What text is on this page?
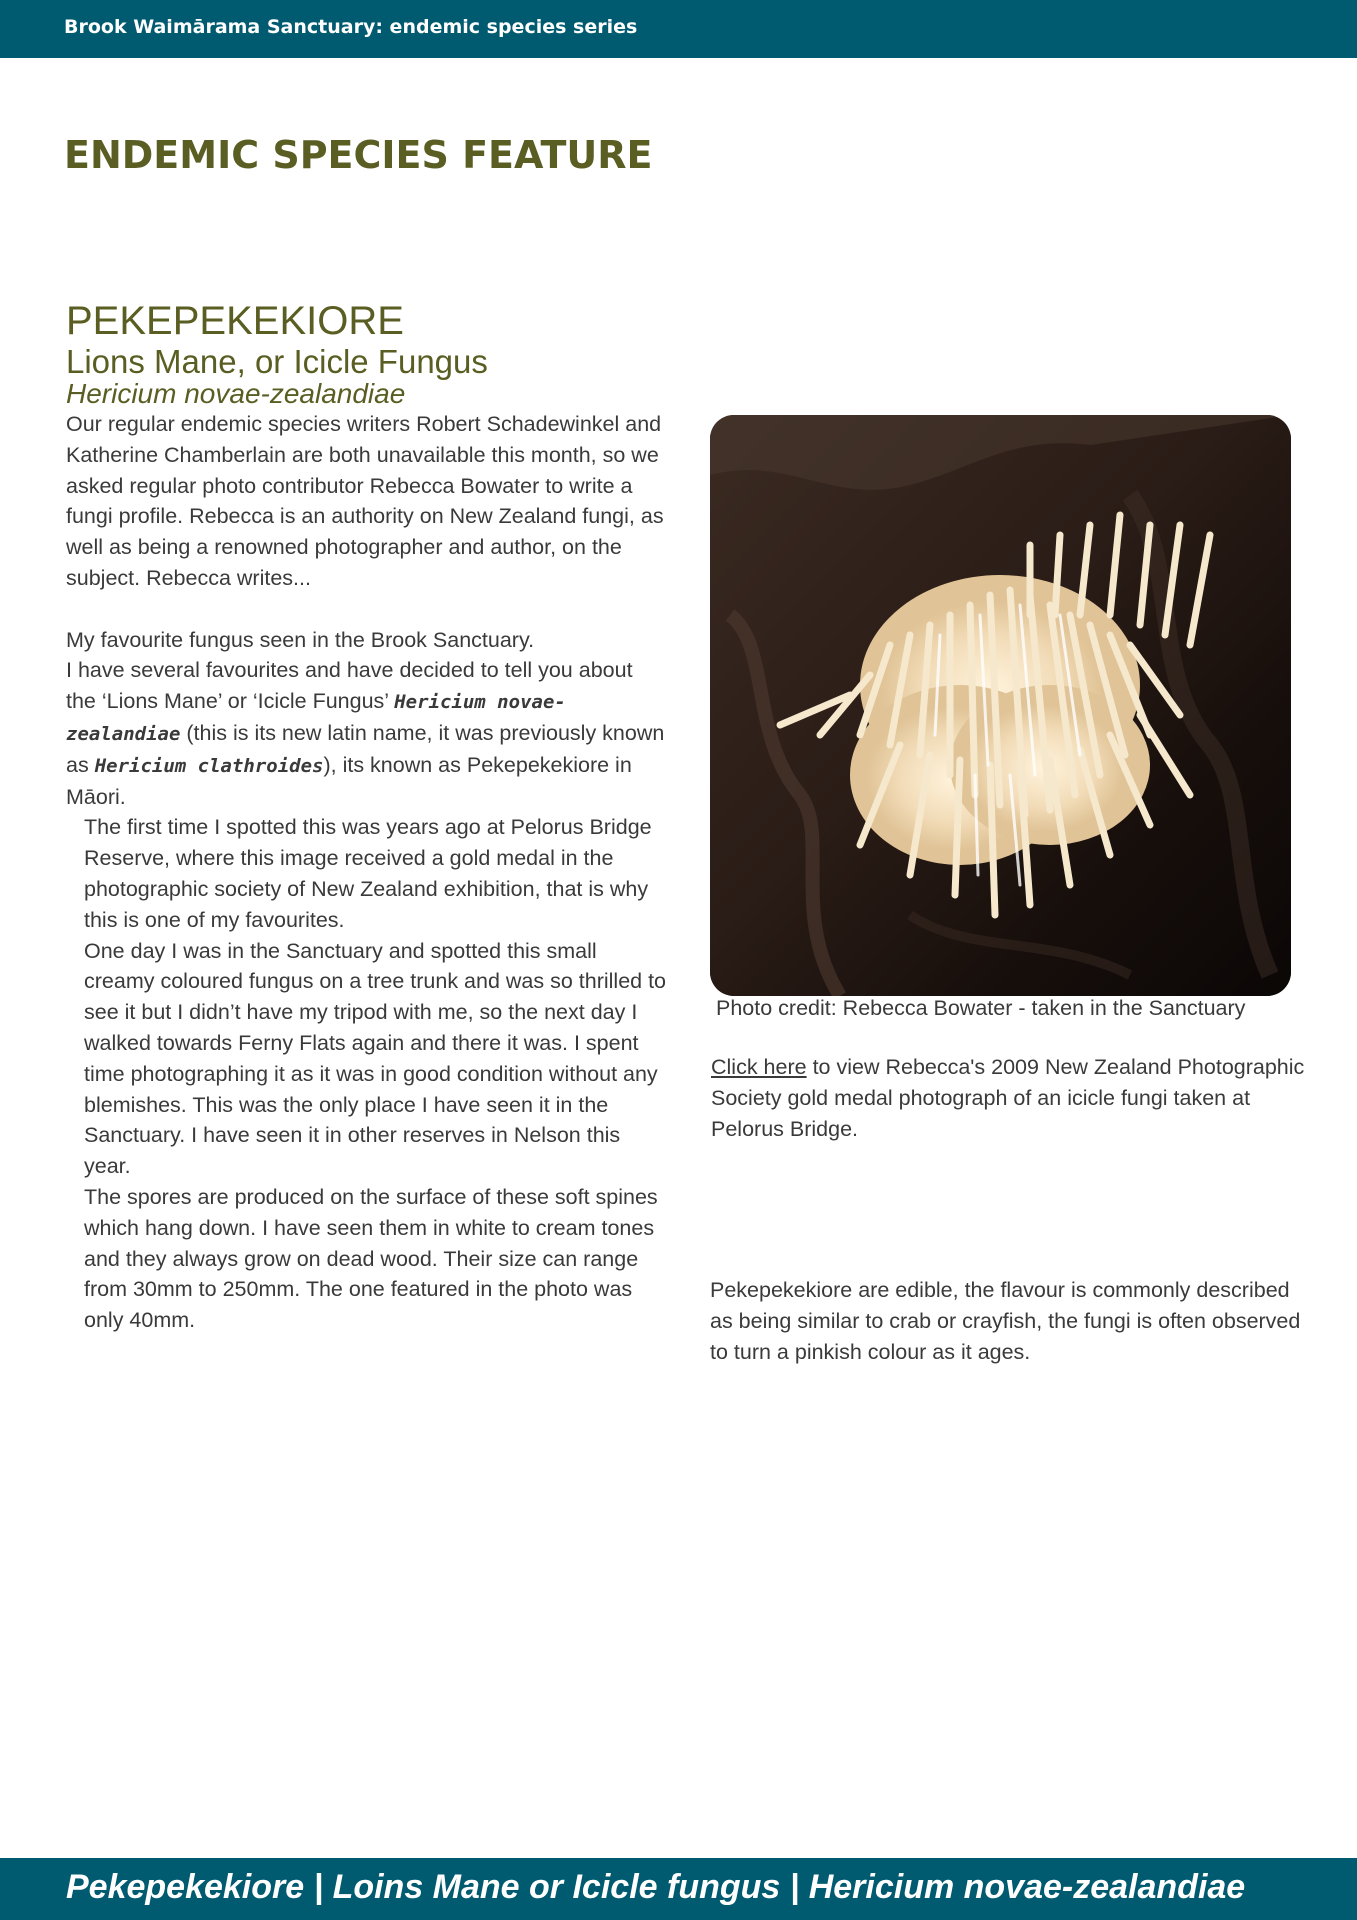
Brook Waimārama Sanctuary: endemic species series
ENDEMIC SPECIES FEATURE
PEKEPEKEKIORE
Lions Mane, or Icicle Fungus
Hericium novae-zealandiae

Our regular endemic species writers Robert Schadewinkel and Katherine Chamberlain are both unavailable this month, so we asked regular photo contributor Rebecca Bowater to write a fungi profile. Rebecca is an authority on New Zealand fungi, as well as being a renowned photographer and author, on the subject. Rebecca writes...

My favourite fungus seen in the Brook Sanctuary.

I have several favourites and have decided to tell you about the ‘Lions Mane’ or ‘Icicle Fungus’ Hericium novae-zealandiae (this is its new latin name, it was previously known as Hericium clathroides), its known as Pekepekekiore in Māori.

The first time I spotted this was years ago at Pelorus Bridge Reserve, where this image received a gold medal in the photographic society of New Zealand exhibition, that is why this is one of my favourites.

One day I was in the Sanctuary and spotted this small creamy coloured fungus on a tree trunk and was so thrilled to see it but I didn’t have my tripod with me, so the next day I walked towards Ferny Flats again and there it was. I spent time photographing it as it was in good condition without any blemishes. This was the only place I have seen it in the Sanctuary. I have seen it in other reserves in Nelson this year.

The spores are produced on the surface of these soft spines which hang down. I have seen them in white to cream tones and they always grow on dead wood. Their size can range from 30mm to 250mm. The one featured in the photo was only 40mm.

Photo credit: Rebecca Bowater - taken in the Sanctuary
Click here to view Rebecca's 2009 New Zealand Photographic Society gold medal photograph of an icicle fungi taken at Pelorus Bridge.
Pekepekekiore are edible, the flavour is commonly described as being similar to crab or crayfish, the fungi is often observed to turn a pinkish colour as it ages.
Pekepekekiore | Loins Mane or Icicle fungus | Hericium novae-zealandiae
